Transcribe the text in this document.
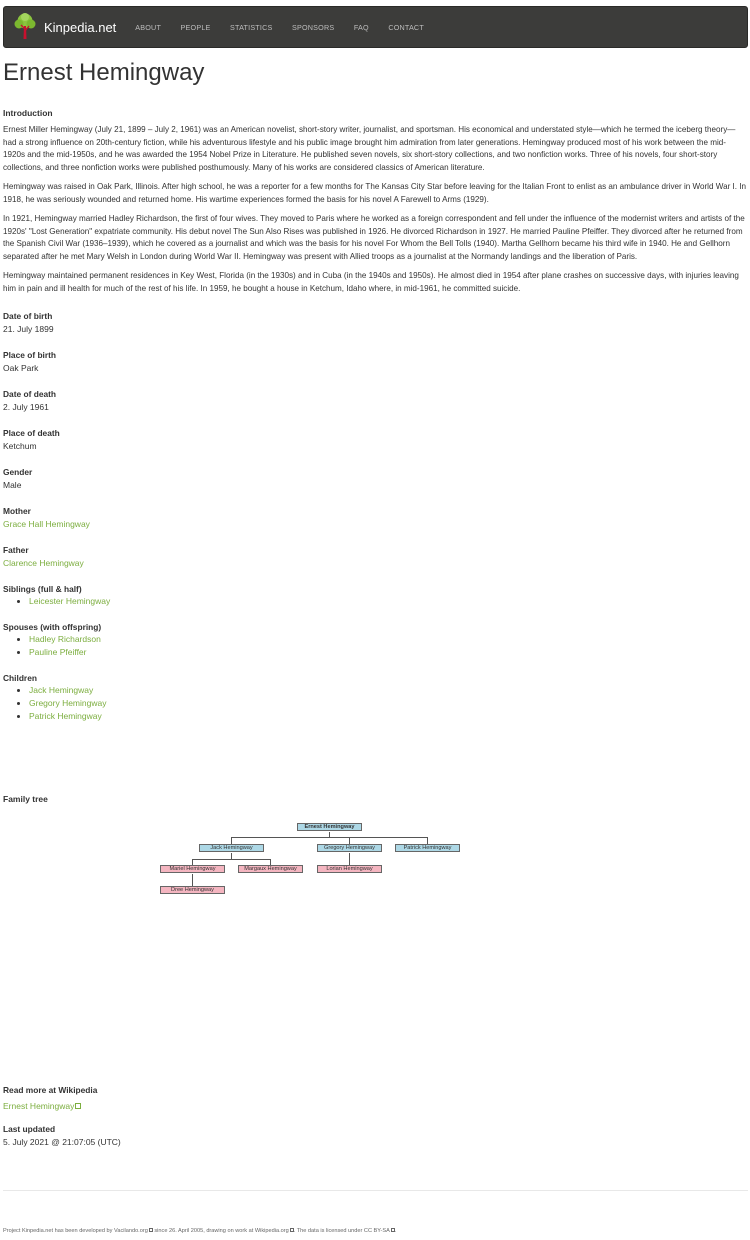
Kinpedia.net	ABOUT	PEOPLE	STATISTICS	SPONSORS	FAQ	CONTACT
Ernest Hemingway
Introduction

Ernest Miller Hemingway (July 21, 1899 – July 2, 1961) was an American novelist, short-story writer, journalist, and sportsman. His economical and understated style—which he termed the iceberg theory—had a strong influence on 20th-century fiction, while his adventurous lifestyle and his public image brought him admiration from later generations. Hemingway produced most of his work between the mid-1920s and the mid-1950s, and he was awarded the 1954 Nobel Prize in Literature. He published seven novels, six short-story collections, and two nonfiction works. Three of his novels, four short-story collections, and three nonfiction works were published posthumously. Many of his works are considered classics of American literature.

Hemingway was raised in Oak Park, Illinois. After high school, he was a reporter for a few months for The Kansas City Star before leaving for the Italian Front to enlist as an ambulance driver in World War I. In 1918, he was seriously wounded and returned home. His wartime experiences formed the basis for his novel A Farewell to Arms (1929).

In 1921, Hemingway married Hadley Richardson, the first of four wives. They moved to Paris where he worked as a foreign correspondent and fell under the influence of the modernist writers and artists of the 1920s' "Lost Generation" expatriate community. His debut novel The Sun Also Rises was published in 1926. He divorced Richardson in 1927. He married Pauline Pfeiffer. They divorced after he returned from the Spanish Civil War (1936–1939), which he covered as a journalist and which was the basis for his novel For Whom the Bell Tolls (1940). Martha Gellhorn became his third wife in 1940. He and Gellhorn separated after he met Mary Welsh in London during World War II. Hemingway was present with Allied troops as a journalist at the Normandy landings and the liberation of Paris.

Hemingway maintained permanent residences in Key West, Florida (in the 1930s) and in Cuba (in the 1940s and 1950s). He almost died in 1954 after plane crashes on successive days, with injuries leaving him in pain and ill health for much of the rest of his life. In 1959, he bought a house in Ketchum, Idaho where, in mid-1961, he committed suicide.

Date of birth
21. July 1899
Place of birth
Oak Park
Date of death
2. July 1961
Place of death
Ketchum
Gender
Male
Mother
Grace Hall Hemingway
Father
Clarence Hemingway
Siblings (full & half)
• Leicester Hemingway
Spouses (with offspring)
• Hadley Richardson
• Pauline Pfeiffer
Children
• Jack Hemingway
• Gregory Hemingway
• Patrick Hemingway
Family tree
Ernest Hemingway
Jack Hemingway	Gregory Hemingway	Patrick Hemingway
Mariel Hemingway	Margaux Hemingway	Lorian Hemingway
Dree Hemingway
Read more at Wikipedia
Ernest Hemingway
Last updated
5. July 2021 @ 21:07:05 (UTC)
Project Kinpedia.net has been developed by Vacilando.org since 26. April 2005, drawing on work at Wikipedia.org . The data is licensed under CC BY-SA .
